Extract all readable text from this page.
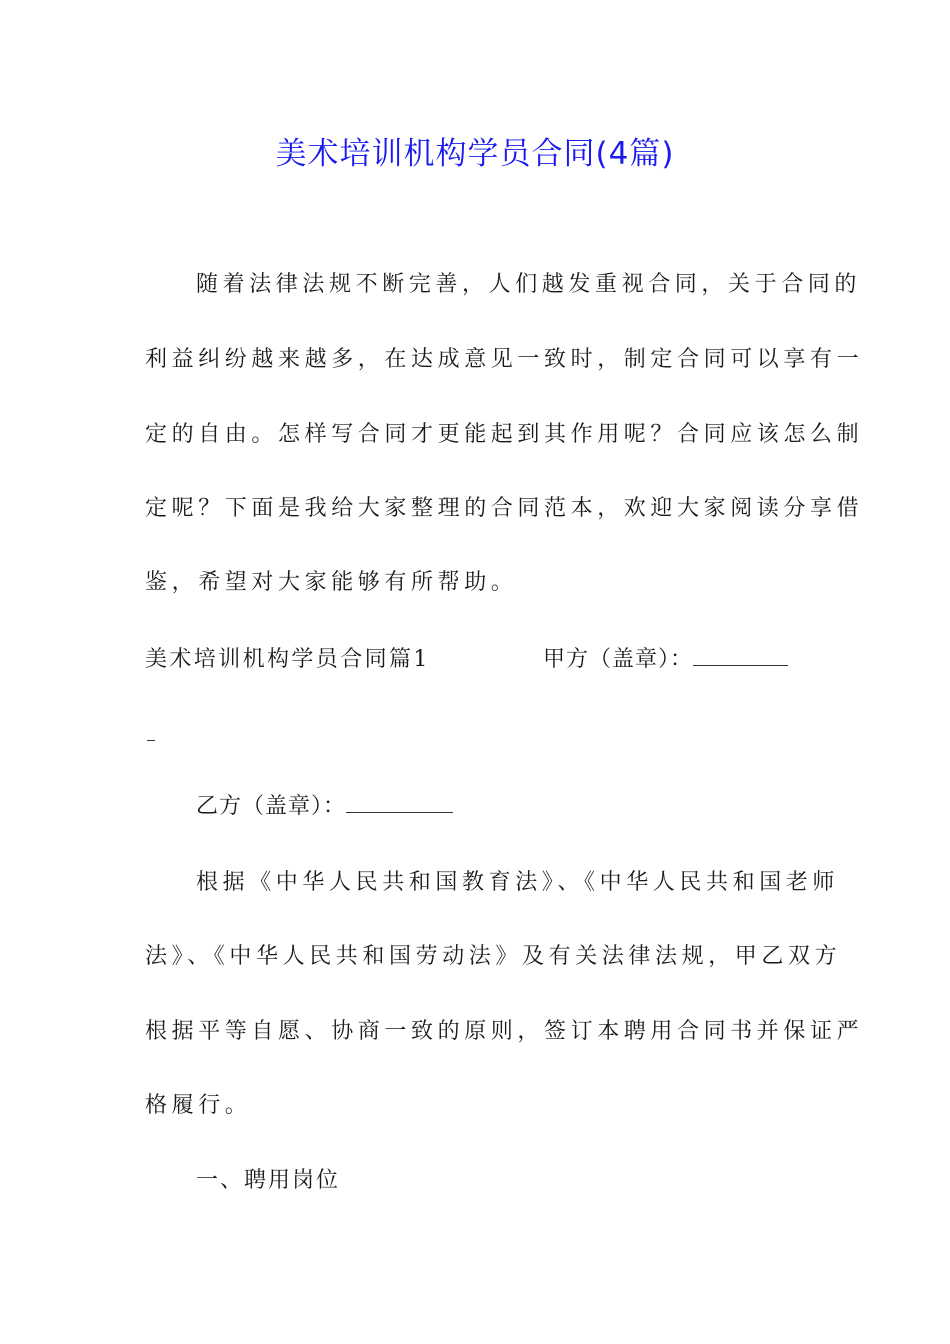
美术培训机构学员合同(4篇)
随着法律法规不断完善，人们越发重视合同，关于合同的
利益纠纷越来越多，在达成意见一致时，制定合同可以享有一
定的自由。怎样写合同才更能起到其作用呢？合同应该怎么制
定呢？下面是我给大家整理的合同范本，欢迎大家阅读分享借
鉴，希望对大家能够有所帮助。
美术培训机构学员合同篇1	甲方（盖章）：
乙方（盖章）：
根据《中华人民共和国教育法》、《中华人民共和国老师
法》、《中华人民共和国劳动法》及有关法律法规，甲乙双方
根据平等自愿、协商一致的原则，签订本聘用合同书并保证严
格履行。
一、聘用岗位
